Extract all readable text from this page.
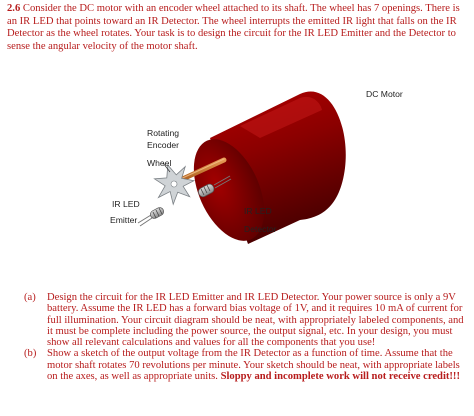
2.6 Consider the DC motor with an encoder wheel attached to its shaft. The wheel has 7 openings. There is an IR LED that points toward an IR Detector. The wheel interrupts the emitted IR light that falls on the IR Detector as the wheel rotates. Your task is to design the circuit for the IR LED Emitter and the Detector to sense the angular velocity of the motor shaft.

DC Motor
Rotating
Encoder
Wheel
IR LED
Emitter
IR LED
Detector
(a) Design the circuit for the IR LED Emitter and IR LED Detector. Your power source is only a 9V battery. Assume the IR LED has a forward bias voltage of 1V, and it requires 10 mA of current for full illumination. Your circuit diagram should be neat, with appropriately labeled components, and it must be complete including the power source, the output signal, etc. In your design, you must show all relevant calculations and values for all the components that you use!
(b) Show a sketch of the output voltage from the IR Detector as a function of time. Assume that the motor shaft rotates 70 revolutions per minute. Your sketch should be neat, with appropriate labels on the axes, as well as appropriate units. Sloppy and incomplete work will not receive credit!!!
